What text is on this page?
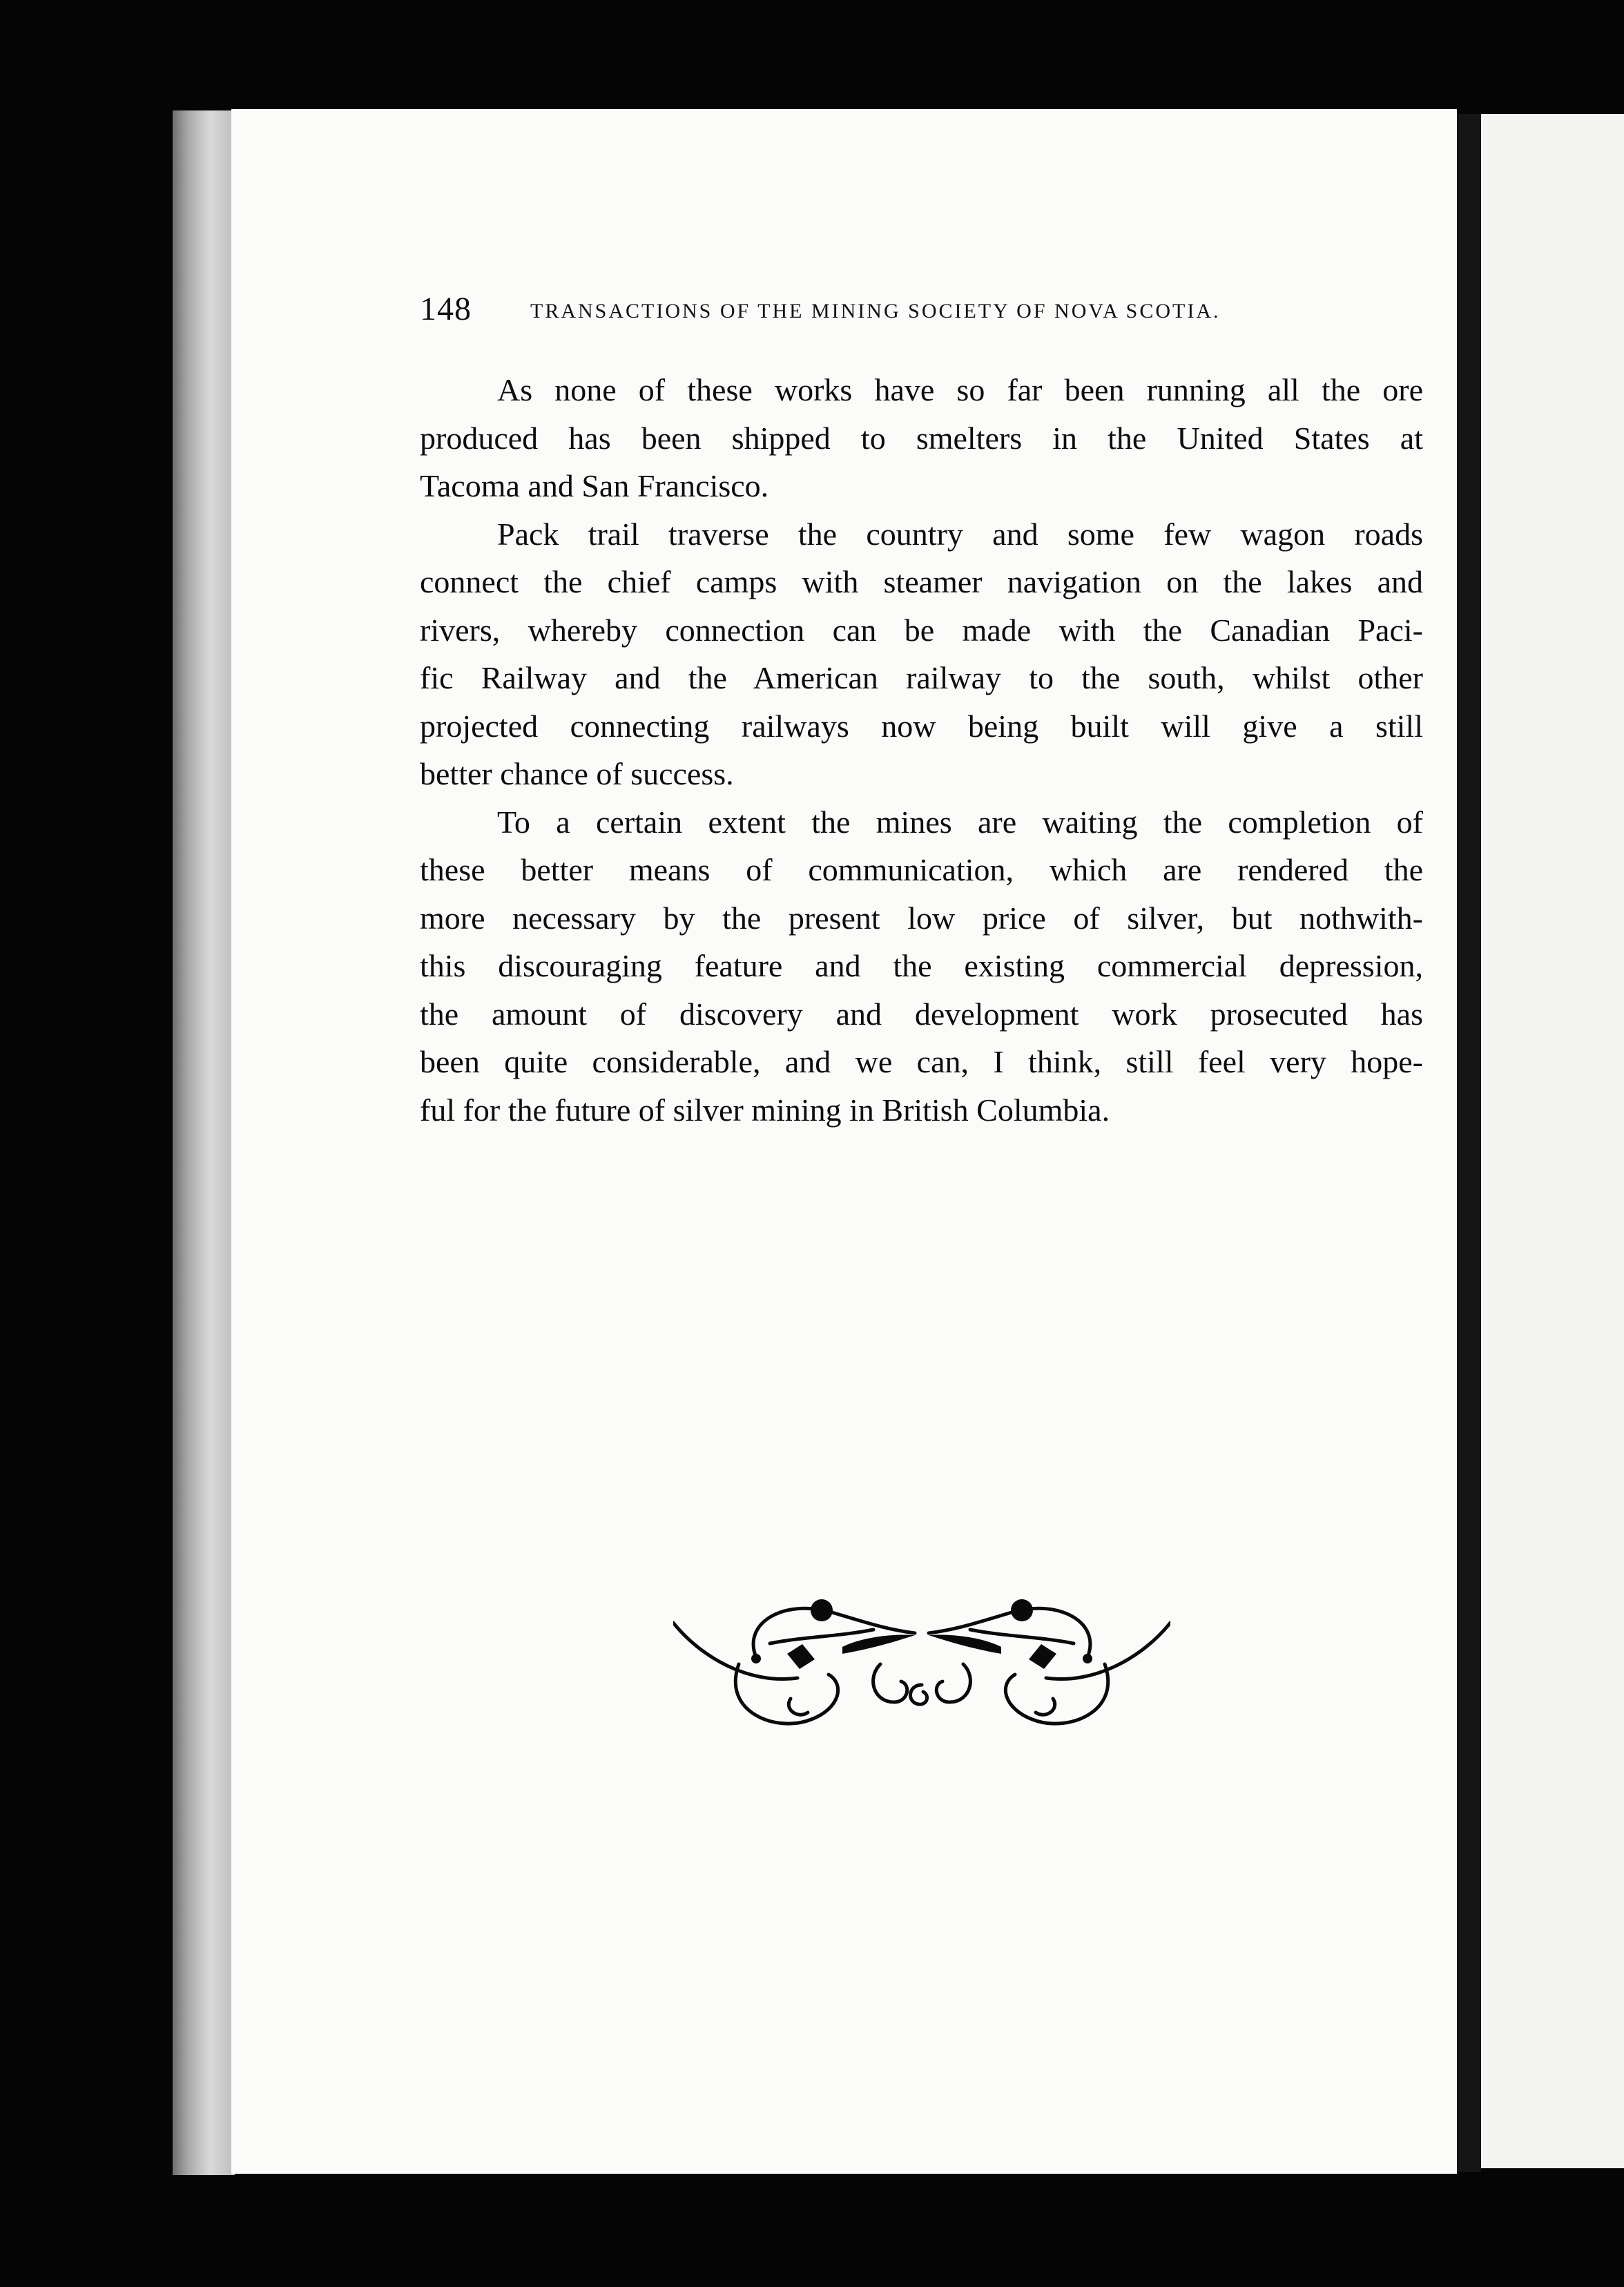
148	TRANSACTIONS OF THE MINING SOCIETY OF NOVA SCOTIA.
As none of these works have so far been running all the ore
produced has been shipped to smelters in the United States at
Tacoma and San Francisco.
Pack trail traverse the country and some few wagon roads
connect the chief camps with steamer navigation on the lakes and
rivers, whereby connection can be made with the Canadian Paci-
fic Railway and the American railway to the south, whilst other
projected connecting railways now being built will give a still
better chance of success.
To a certain extent the mines are waiting the completion of
these better means of communication, which are rendered the
more necessary by the present low price of silver, but nothwith-
this discouraging feature and the existing commercial depression,
the amount of discovery and development work prosecuted has
been quite considerable, and we can, I think, still feel very hope-
ful for the future of silver mining in British Columbia.
